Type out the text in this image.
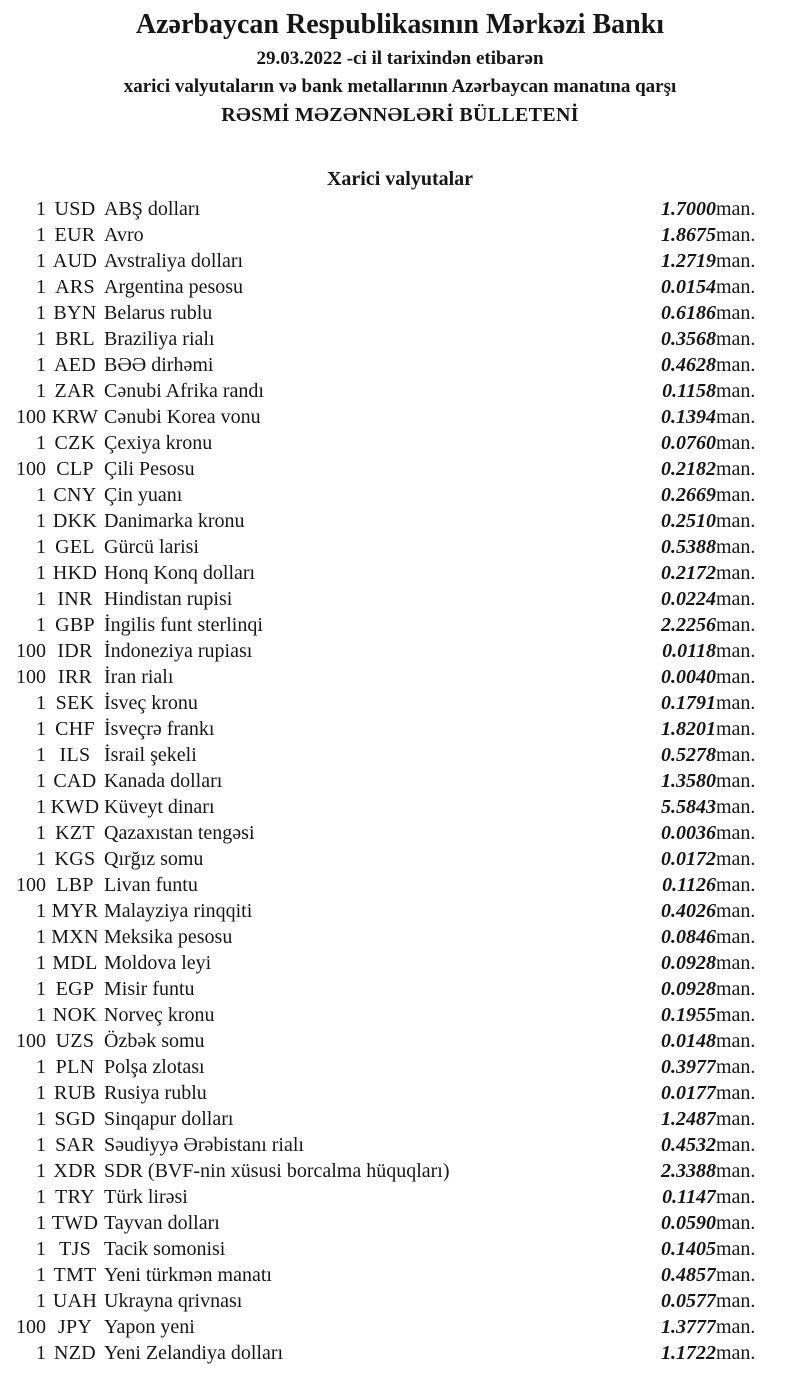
Azərbaycan Respublikasının Mərkəzi Bankı
29.03.2022 -ci il tarixindən etibarən
xarici valyutaların və bank metallarının Azərbaycan manatına qarşı
RƏSMİ MƏZƏNNƏLƏRİ BÜLLETENİ
Xarici valyutalar
1	USD	ABŞ dolları	1.7000	man.
1	EUR	Avro	1.8675	man.
1	AUD	Avstraliya dolları	1.2719	man.
1	ARS	Argentina pesosu	0.0154	man.
1	BYN	Belarus rublu	0.6186	man.
1	BRL	Braziliya rialı	0.3568	man.
1	AED	BƏƏ dirhəmi	0.4628	man.
1	ZAR	Cənubi Afrika randı	0.1158	man.
100	KRW	Cənubi Korea vonu	0.1394	man.
1	CZK	Çexiya kronu	0.0760	man.
100	CLP	Çili Pesosu	0.2182	man.
1	CNY	Çin yuanı	0.2669	man.
1	DKK	Danimarka kronu	0.2510	man.
1	GEL	Gürcü larisi	0.5388	man.
1	HKD	Honq Konq dolları	0.2172	man.
1	INR	Hindistan rupisi	0.0224	man.
1	GBP	İngilis funt sterlinqi	2.2256	man.
100	IDR	İndoneziya rupiası	0.0118	man.
100	IRR	İran rialı	0.0040	man.
1	SEK	İsveç kronu	0.1791	man.
1	CHF	İsveçrə frankı	1.8201	man.
1	ILS	İsrail şekeli	0.5278	man.
1	CAD	Kanada dolları	1.3580	man.
1	KWD	Küveyt dinarı	5.5843	man.
1	KZT	Qazaxıstan tengəsi	0.0036	man.
1	KGS	Qırğız somu	0.0172	man.
100	LBP	Livan funtu	0.1126	man.
1	MYR	Malayziya rinqqiti	0.4026	man.
1	MXN	Meksika pesosu	0.0846	man.
1	MDL	Moldova leyi	0.0928	man.
1	EGP	Misir funtu	0.0928	man.
1	NOK	Norveç kronu	0.1955	man.
100	UZS	Özbək somu	0.0148	man.
1	PLN	Polşa zlotası	0.3977	man.
1	RUB	Rusiya rublu	0.0177	man.
1	SGD	Sinqapur dolları	1.2487	man.
1	SAR	Səudiyyə Ərəbistanı rialı	0.4532	man.
1	XDR	SDR (BVF-nin xüsusi borcalma hüquqları)	2.3388	man.
1	TRY	Türk lirəsi	0.1147	man.
1	TWD	Tayvan dolları	0.0590	man.
1	TJS	Tacik somonisi	0.1405	man.
1	TMT	Yeni türkmən manatı	0.4857	man.
1	UAH	Ukrayna qrivnası	0.0577	man.
100	JPY	Yapon yeni	1.3777	man.
1	NZD	Yeni Zelandiya dolları	1.1722	man.
